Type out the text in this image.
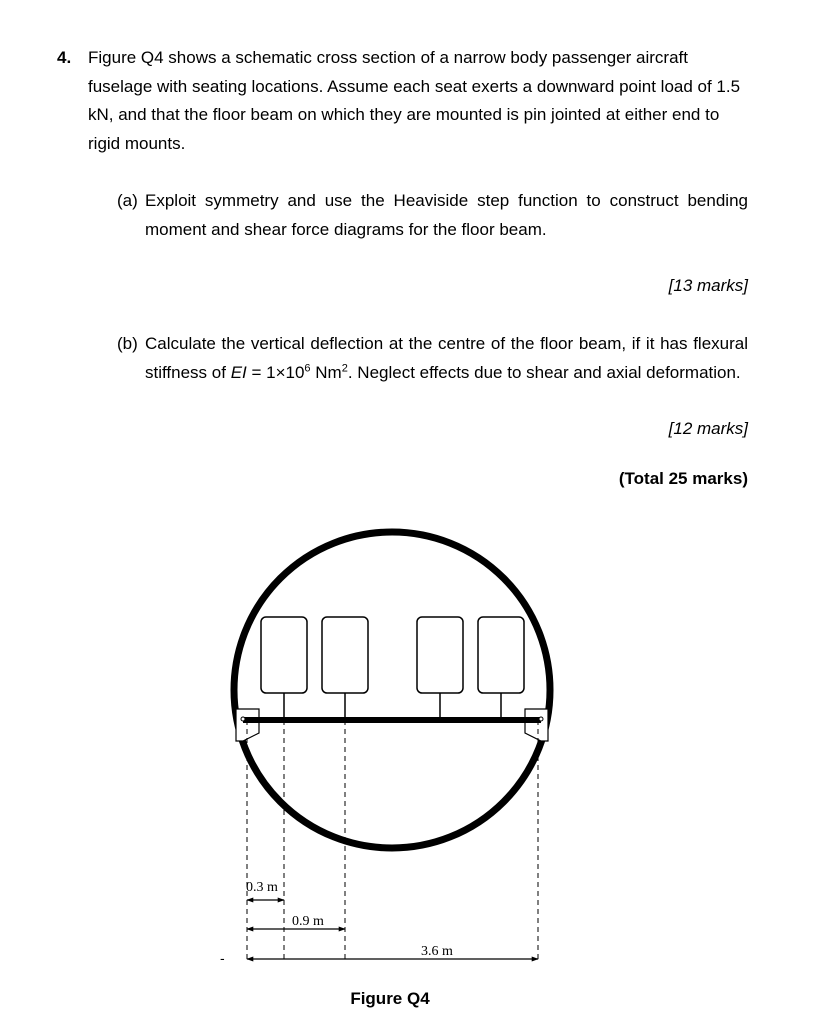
4. Figure Q4 shows a schematic cross section of a narrow body passenger aircraft fuselage with seating locations. Assume each seat exerts a downward point load of 1.5 kN, and that the floor beam on which they are mounted is pin jointed at either end to rigid mounts.

(a) Exploit symmetry and use the Heaviside step function to construct bending moment and shear force diagrams for the floor beam.
[13 marks]
(b) Calculate the vertical deflection at the centre of the floor beam, if it has flexural stiffness of EI = $1\times 10^6$ Nm$^2$. Neglect effects due to shear and axial deformation.
[12 marks]
(Total 25 marks)
0.3 m
0.9 m
3.6 m
-
Figure Q4
